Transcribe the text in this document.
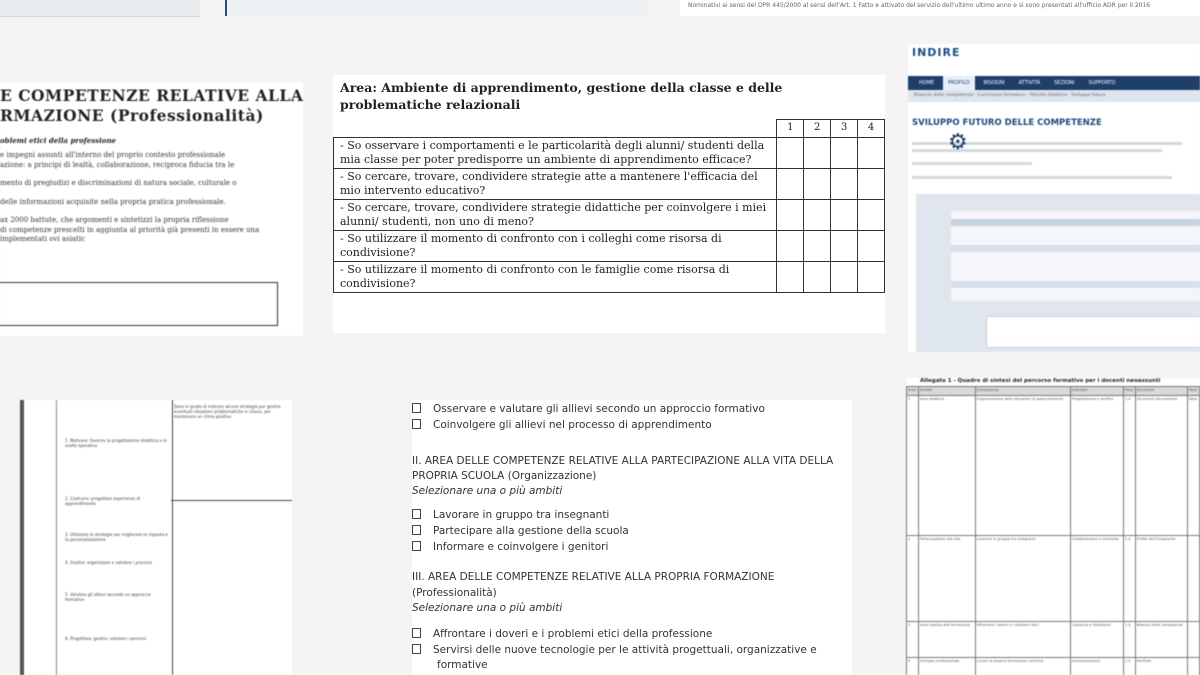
Nominativi ai sensi del DPR 445/2000 al sensi dell'Art. 1 Fatto e attivato del servizio dell'ultimo ultimo anno e si sono presentati all'ufficio ADR per il 2016
E COMPETENZE RELATIVE ALLA
RMAZIONE (Professionalità)
oblemi etici della professione

e impegni assunti all'interno del proprio contesto professionale
azione: a principi di lealtà, collaborazione, reciproca fiducia tra le

mento di pregiudizi e discriminazioni di natura sociale, culturale o

delle informazioni acquisite nella propria pratica professionale.

ax 2000 battute, che argomenti e sintetizzi la propria riflessione
di competenze prescelti in aggiunta al priorità già presenti in essere una
implementati ovi asiatic

Area: Ambiente di apprendimento, gestione della classe e delle problematiche relazionali
	1	2	3	4
- So osservare i comportamenti e le particolarità degli alunni/ studenti della mia classe per poter predisporre un ambiente di apprendimento efficace?				
- So cercare, trovare, condividere strategie atte a mantenere l'efficacia del mio intervento educativo?				
- So cercare, trovare, condividere strategie didattiche per coinvolgere i miei alunni/ studenti, non uno di meno?				
- So utilizzare il momento di confronto con i colleghi come risorsa di condivisione?				
- So utilizzare il momento di confronto con le famiglie come risorsa di condivisione?				
INDIRE
HOME	PROFILO	BISOGNI	ATTIVITÀ	SEZIONI	SUPPORTO
Bilancio delle competenze · Curriculum formativo · Attività didattica · Sviluppo futuro
SVILUPPO FUTURO DELLE COMPETENZE
⚙
Sono in grado di indicare alcune strategie per gestire eventuali situazioni problematiche in classe, per mantenere un clima positivo
1. Motivare: favorire la progettazione didattica e le scelte operative
2. Costruire: progettare esperienze di apprendimento
3. Utilizzare le strategie per migliorare la risposta e la personalizzazione
4. Gestire: organizzare e valutare i processi
5. Valutare gli allievi secondo un approccio formativo
6. Progettare, gestire, valutare i percorsi
Osservare e valutare gli allievi secondo un approccio formativo
Coinvolgere gli allievi nel processo di apprendimento
II. AREA DELLE COMPETENZE RELATIVE ALLA PARTECIPAZIONE ALLA VITA DELLA
PROPRIA SCUOLA (Organizzazione)
Selezionare una o più ambiti
Lavorare in gruppo tra insegnanti
Partecipare alla gestione della scuola
Informare e coinvolgere i genitori
III. AREA DELLE COMPETENZE RELATIVE ALLA PROPRIA FORMAZIONE
(Professionalità)
Selezionare una o più ambiti
Affrontare i doveri e i problemi etici della professione
Servirsi delle nuove tecnologie per le attività progettuali, organizzative e
formative
Allegato 1 - Quadro di sintesi del percorso formativo per i docenti neoassunti
Area	Ambito	Competenze	Indicatori	Peso	Strumenti	Note
1	Area didattica	Organizzazione delle situazioni di apprendimento	Progettazione e verifica	1,4	Strumenti documentali	Note
2	Partecipazione alla vita	Lavorare in gruppo tra insegnanti	Collaborazione e confronto	1,4	Profilo dell'insegnante	
3	Area relativa alla formazione	Affrontare i doveri e i problemi etici	Coerenza e riflessione	1,4	Bilancio delle competenze	
4	Sviluppo professionale	Curare la propria formazione continua	Autovalutazione	1,4	Portfolio	
